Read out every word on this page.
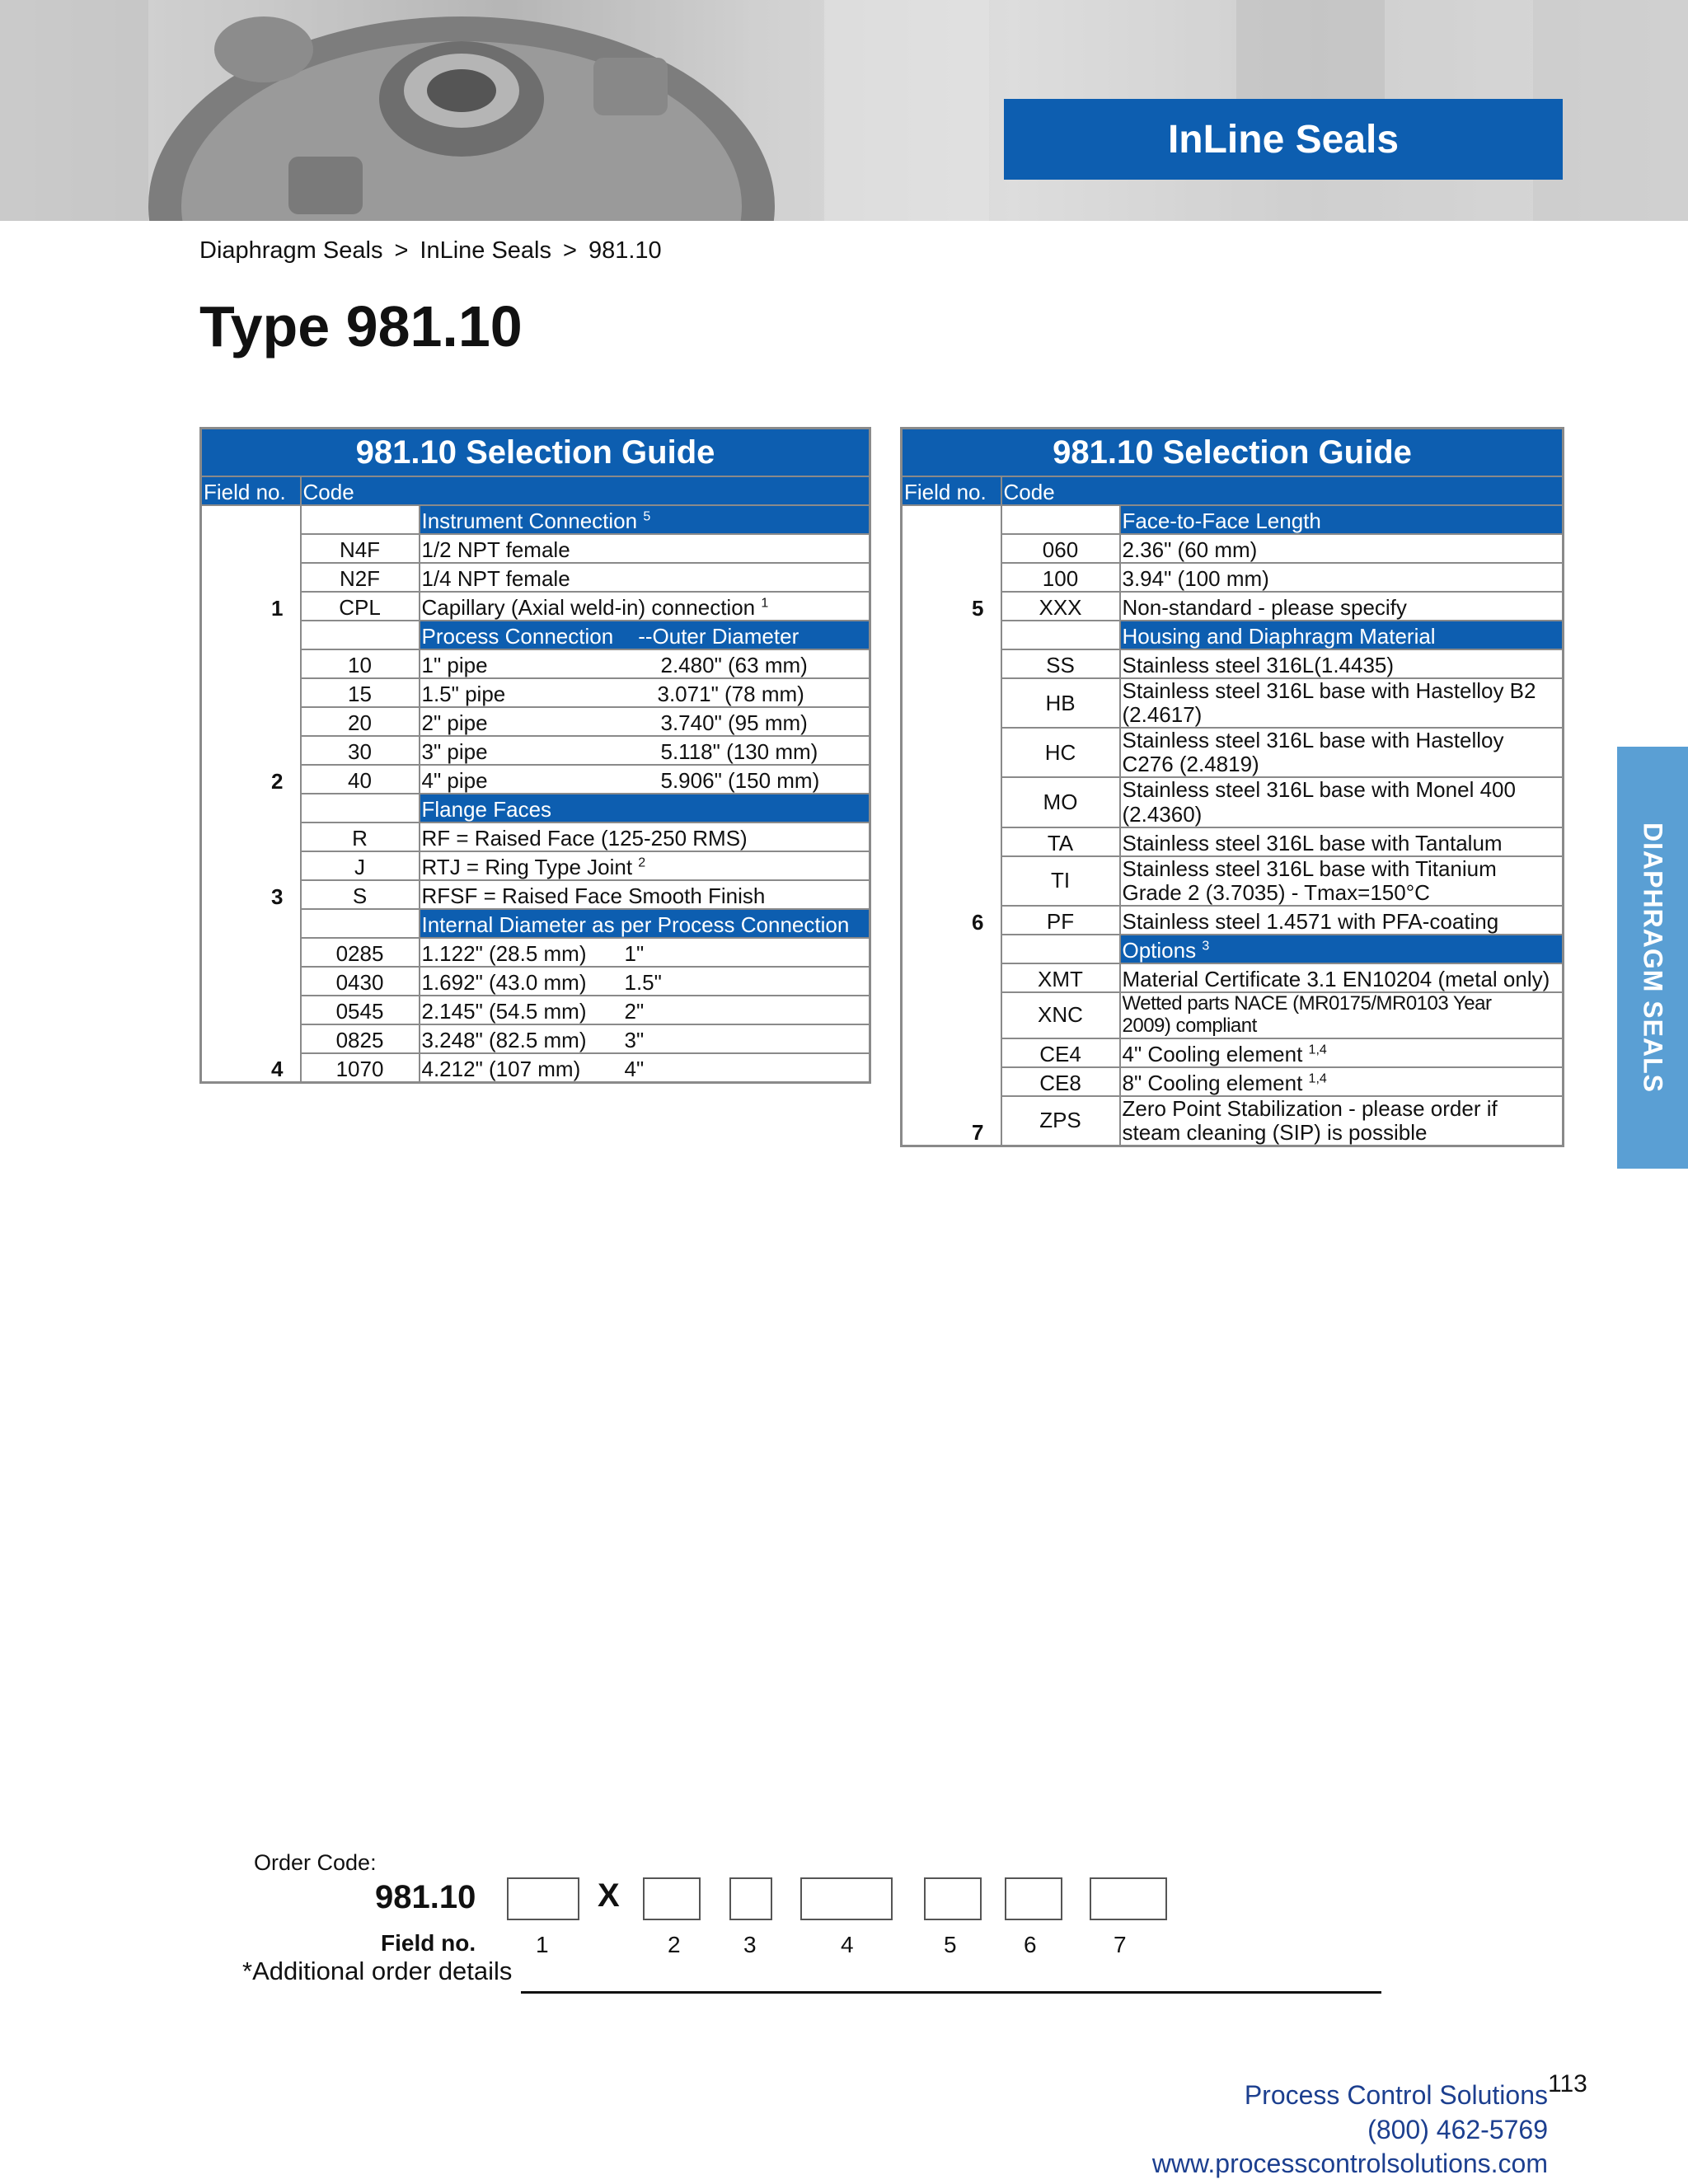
InLine Seals
Diaphragm Seals > InLine Seals > 981.10
Type 981.10
981.10 Selection Guide		
Field no.	Code	
1		Instrument Connection $^5$
	N4F	1/2 NPT female
	N2F	1/4 NPT female
	CPL	Capillary (Axial weld-in) connection $^1$
2		Process Connection --Outer Diameter
	10	1" pipe 2.480" (63 mm)
	15	1.5" pipe 3.071" (78 mm)
	20	2" pipe 3.740" (95 mm)
	30	3" pipe 5.118" (130 mm)
	40	4" pipe 5.906" (150 mm)
3		Flange Faces
	R	RF = Raised Face (125-250 RMS)
	J	RTJ = Ring Type Joint $^2$
	S	RFSF = Raised Face Smooth Finish
4		Internal Diameter as per Process Connection
	0285	1.122" (28.5 mm) 1"
	0430	1.692" (43.0 mm) 1.5"
	0545	2.145" (54.5 mm) 2"
	0825	3.248" (82.5 mm) 3"
	1070	4.212" (107 mm) 4"
981.10 Selection Guide		
Field no.	Code	
5		Face-to-Face Length
	060	2.36" (60 mm)
	100	3.94" (100 mm)
	XXX	Non-standard - please specify
6		Housing and Diaphragm Material
	SS	Stainless steel 316L(1.4435)
	HB	Stainless steel 316L base with Hastelloy B2
(2.4617)

	HC	Stainless steel 316L base with Hastelloy
C276 (2.4819)

	MO	Stainless steel 316L base with Monel 400
(2.4360)

	TA	Stainless steel 316L base with Tantalum
	TI	Stainless steel 316L base with Titanium
Grade 2 (3.7035) - Tmax=150°C

	PF	Stainless steel 1.4571 with PFA-coating
7		Options $^3$
	XMT	Material Certificate 3.1 EN10204 (metal only)
	XNC	Wetted parts NACE (MR0175/MR0103 Year
2009) compliant

	CE4	4" Cooling element $^{1,4}$
	CE8	8" Cooling element $^{1,4}$
	ZPS	Zero Point Stabilization - please order if
steam cleaning (SIP) is possible
DIAPHRAGM SEALS
Order Code:
981.10	X
Field no.	1	2	3	4	5	6	7
*Additional order details
Process Control Solutions
(800) 462-5769
www.processcontrolsolutions.com
113
